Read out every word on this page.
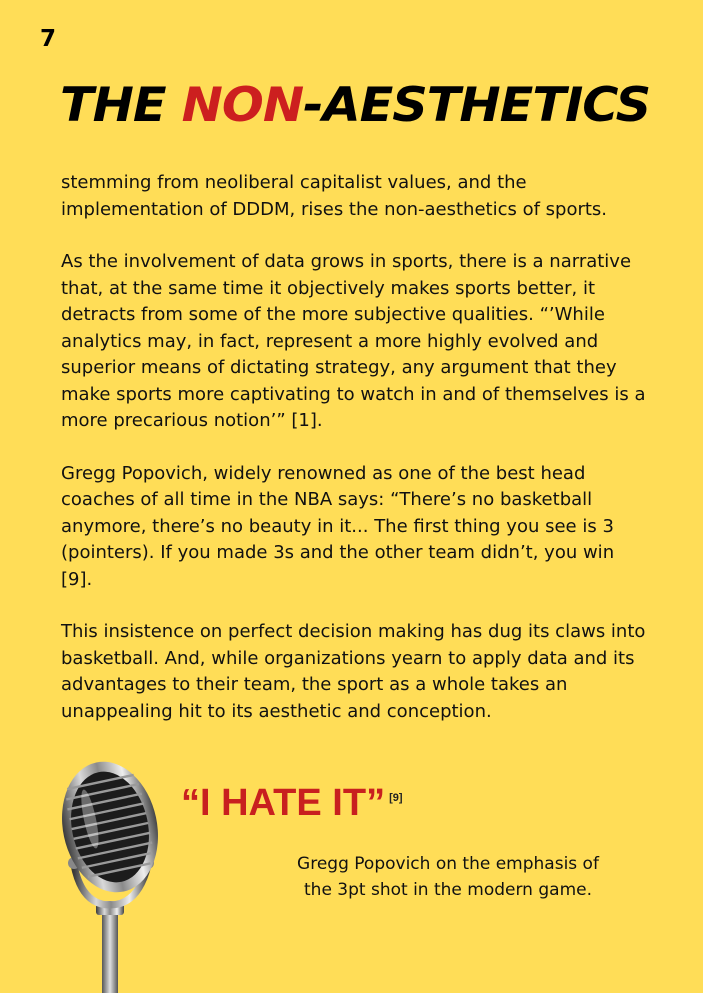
7
THE NON-AESTHETICS

stemming from neoliberal capitalist values, and the implementation of DDDM, rises the non-aesthetics of sports.

As the involvement of data grows in sports, there is a narrative that, at the same time it objectively makes sports better, it detracts from some of the more subjective qualities. “’While analytics may, in fact, represent a more highly evolved and superior means of dictating strategy, any argument that they make sports more captivating to watch in and of themselves is a more precarious notion’” [1].

Gregg Popovich, widely renowned as one of the best head coaches of all time in the NBA says: “There’s no basketball anymore, there’s no beauty in it... The first thing you see is 3 (pointers). If you made 3s and the other team didn’t, you win [9].

This insistence on perfect decision making has dug its claws into basketball. And, while organizations yearn to apply data and its advantages to their team, the sport as a whole takes an unappealing hit to its aesthetic and conception.

“I HATE IT” [9]
Gregg Popovich on the emphasis of
the 3pt shot in the modern game.
